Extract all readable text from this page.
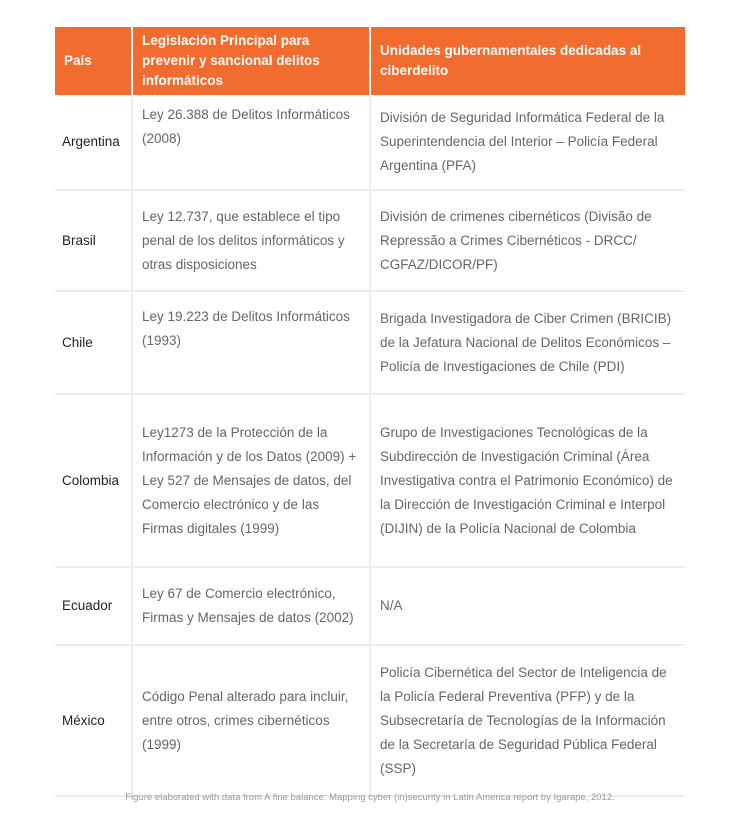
País	Legislación Principal para prevenir y sancional delitos informáticos	Unidades gubernamentales dedicadas al ciberdelito
Argentina	Ley 26.388 de Delitos Informáticos (2008)	División de Seguridad Informática Federal de la Superintendencia del Interior – Policía Federal Argentina (PFA)
Brasil	Ley 12.737, que establece el tipo penal de los delitos informáticos y otras disposiciones	División de crimenes cibernéticos (Divisão de Repressão a Crimes Cibernéticos - DRCC/ CGFAZ/DICOR/PF)
Chile	Ley 19.223 de Delitos Informáticos (1993)	Brigada Investigadora de Ciber Crimen (BRICIB) de la Jefatura Nacional de Delitos Económicos – Policía de Investigaciones de Chile (PDI)
Colombia	Ley1273 de la Protección de la Información y de los Datos (2009) + Ley 527 de Mensajes de datos, del Comercio electrónico y de las Firmas digitales (1999)	Grupo de Investigaciones Tecnológicas de la Subdirección de Investigación Criminal (Área Investigativa contra el Patrimonio Económico) de la Dirección de Investigación Criminal e Interpol (DIJIN) de la Policía Nacional de Colombia
Ecuador	Ley 67 de Comercio electrónico, Firmas y Mensajes de datos (2002)	N/A
México	Código Penal alterado para incluir, entre otros, crimes cibernéticos (1999)	Policía Cibernética del Sector de Inteligencia de la Policía Federal Preventiva (PFP) y de la Subsecretaría de Tecnologías de la Información de la Secretaría de Seguridad Pública Federal (SSP)
Figure elaborated with data from A fine balance: Mapping cyber (in)security in Latin America report by Igarape, 2012.
